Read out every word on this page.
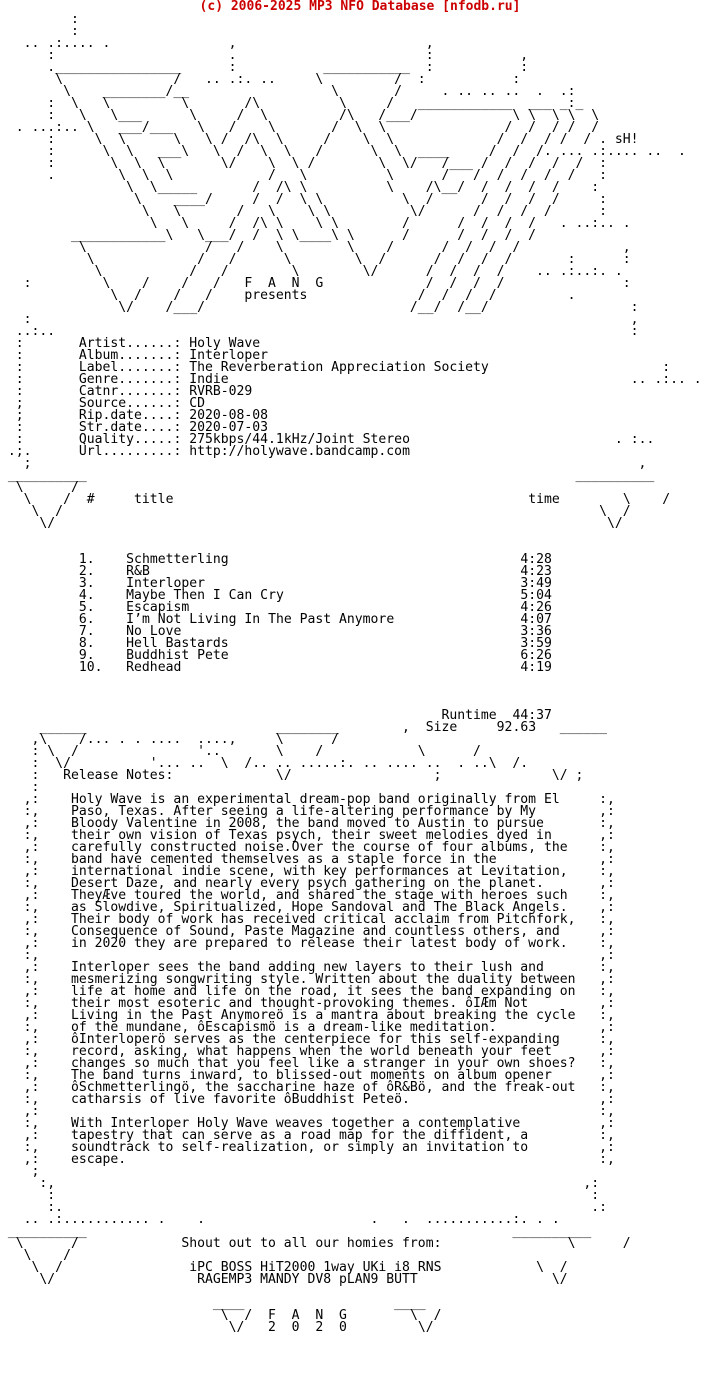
(c) 2006-2025 MP3 NFO Database [nfodb.ru]
:
:
.. .:.... .               ,                        ,
:                      .                        :           ,
.________________      :           ___________  :           :
\              /   .. .:. ..     \         /  :           :
\    ________/__                  \       /     . .. .. ..  .  .:
:  \   \         \       /\          \     /   ____________  ___ _:_
:   \   \___      \     /  \         /\   /___/            \ \  \ \  \
. ...:.. \   ___/___   \   /    \       /  \  \               /  /  / /  /
:     \  \      \   \ /  /\  \     /    \  \             /  /  / /  / . sH!
:      \  \   ___\   \  /  \  \   /      \  \  ____     /  /  /. ... .:.... ..  .
:       \  \  \       \/    \  \ /        \  \/   /___ /  /  /  /  /  :
.        \  \  \            /   \          \      /   /  /  /  /  /   :
\  \_____       /  /\ \          \    /\__/  /  /  /  /    :
\    ____/     /  /  \ \          \  /      /  /  /  /     :
\   \       /   \    \ \          \/      /  /  /  /      :
\   \     /  /\ \    \ \        /      /  /  /  /   . ..:.. .
____________\   \___/  /  \ \____\ \      /      /  /  /  /
\               /   /    \        \    /      /  /  /  /             ,
\             /   /      \        \  /      /  /  /  /       :      :
\           /   /        \        \/      /  /  /  /    .. .:..:. .
:         \    /    /   /   F  A  N  G             /  /  /  /               :
\  /    /   /    presents              /  /  /  /         .
\/    /___/                          /__/  /__/                  :
:                                                                            ,
..:..                                                                         :
:       Artist......: Holy Wave
:       Album.......: Interloper
:       Label.......: The Reverberation Appreciation Society	:
:       Genre.......: Indie	.. .:.. .
:       Catnr.......: RVRB-029
;       Source......: CD
;       Rip.date....: 2020-08-08
:       Str.date....: 2020-07-03
:       Quality.....: 275kbps/44.1kHz/Joint Stereo	. :..
.;.      Url.........: http://holywave.bandcamp.com
;                                                                             ,
__________                                                              __________
\      /
\    /  #	title	time        \    /
\  /                                                                    \  /
\/                                                                      \/

1. Schmetterling	4:28
2. R&B	4:23
3. Interloper	3:49
4. Maybe Then I Can Cry	5:04
5. Escapism	4:26
6. I’m Not Living In The Past Anymore	4:07
7. No Love	3:36
8. Hell Bastards	3:59
9. Buddhist Pete	6:26
10. Redhead	4:19

Runtime 44:37
______                        ________        , Size	92.63   ______
,\    /... . . ....  ....,     \      /
: \  /               '..       \    /            \      /
:  \/          '... ..  \  /.. .. .....:. .. .... ..  . ..\  /.
:   Release Notes:             \/                  ;              \/ ;
:
,:    Holy Wave is an experimental dream-pop band originally from El     :,
:,    Paso, Texas. After seeing a life-altering performance by My	,:
,:    Bloody Valentine in 2008, the band moved to Austin to pursue	:,
:,    their own vision of Texas psych, their sweet melodies dyed in	,:
,:    carefully constructed noise.Over the course of four albums, the    :,
:,    band have cemented themselves as a staple force in the	,:
,:    international indie scene, with key performances at Levitation,    :,
:,    Desert Daze, and nearly every psych gathering on the planet.	,:
,:    TheyÆve toured the world, and shared the stage with heroes such    :,
:,    as Slowdive, Spiritualized, Hope Sandoval and The Black Angels.    ,:
,:    Their body of work has received critical acclaim from Pitchfork,   :,
:,    Consequence of Sound, Paste Magazine and countless others, and     ,:
,:    in 2020 they are prepared to release their latest body of work.    :,
:,	,:
,:    Interloper sees the band adding new layers to their lush and	:,
:,    mesmerizing songwriting style. Written about the duality between   ,:
,:    life at home and life on the road, it sees the band expanding on   :,
:,    their most esoteric and thought-provoking themes. ôIÆm Not	,:
,:    Living in the Past Anymoreö is a mantra about breaking the cycle   :,
:,    of the mundane, ôEscapismö is a dream-like meditation.	,:
,:    ôInterloperö serves as the centerpiece for this self-expanding     :,
:,    record, asking, what happens when the world beneath your feet	,:
,:    changes so much that you feel like a stranger in your own shoes?   :,
:,    The band turns inward, to blissed-out moments on album opener	,:
,:    ôSchmetterlingö, the saccharine haze of ôR&Bö, and the freak-out   :,
:,    catharsis of live favorite ôBuddhist Peteö.	,:
,:	:,
:,    With Interloper Holy Wave weaves together a contemplative	,:
,:    tapestry that can serve as a road map for the diffident, a	:,
:,    soundtrack to self-realization, or simply an invitation to	,:
,:    escape.	:,
;
:,                                                                   ,:
:                                                                    :
:.                                                                   .:
.. .:........... .    .                     .   .  ...........:. . .
__________                                                      __________
\      /             Shout out to all our homies from:	\      /
\    /
\  /                iPC BOSS HiT2000 1way UKi i8 RNS	\  /
\/                  RAGEMP3 MANDY DV8 pLAN9 BUTT	\/

____                   ____
\  /  F  A  N  G	\  /
\/   2  0  2  0	\/
